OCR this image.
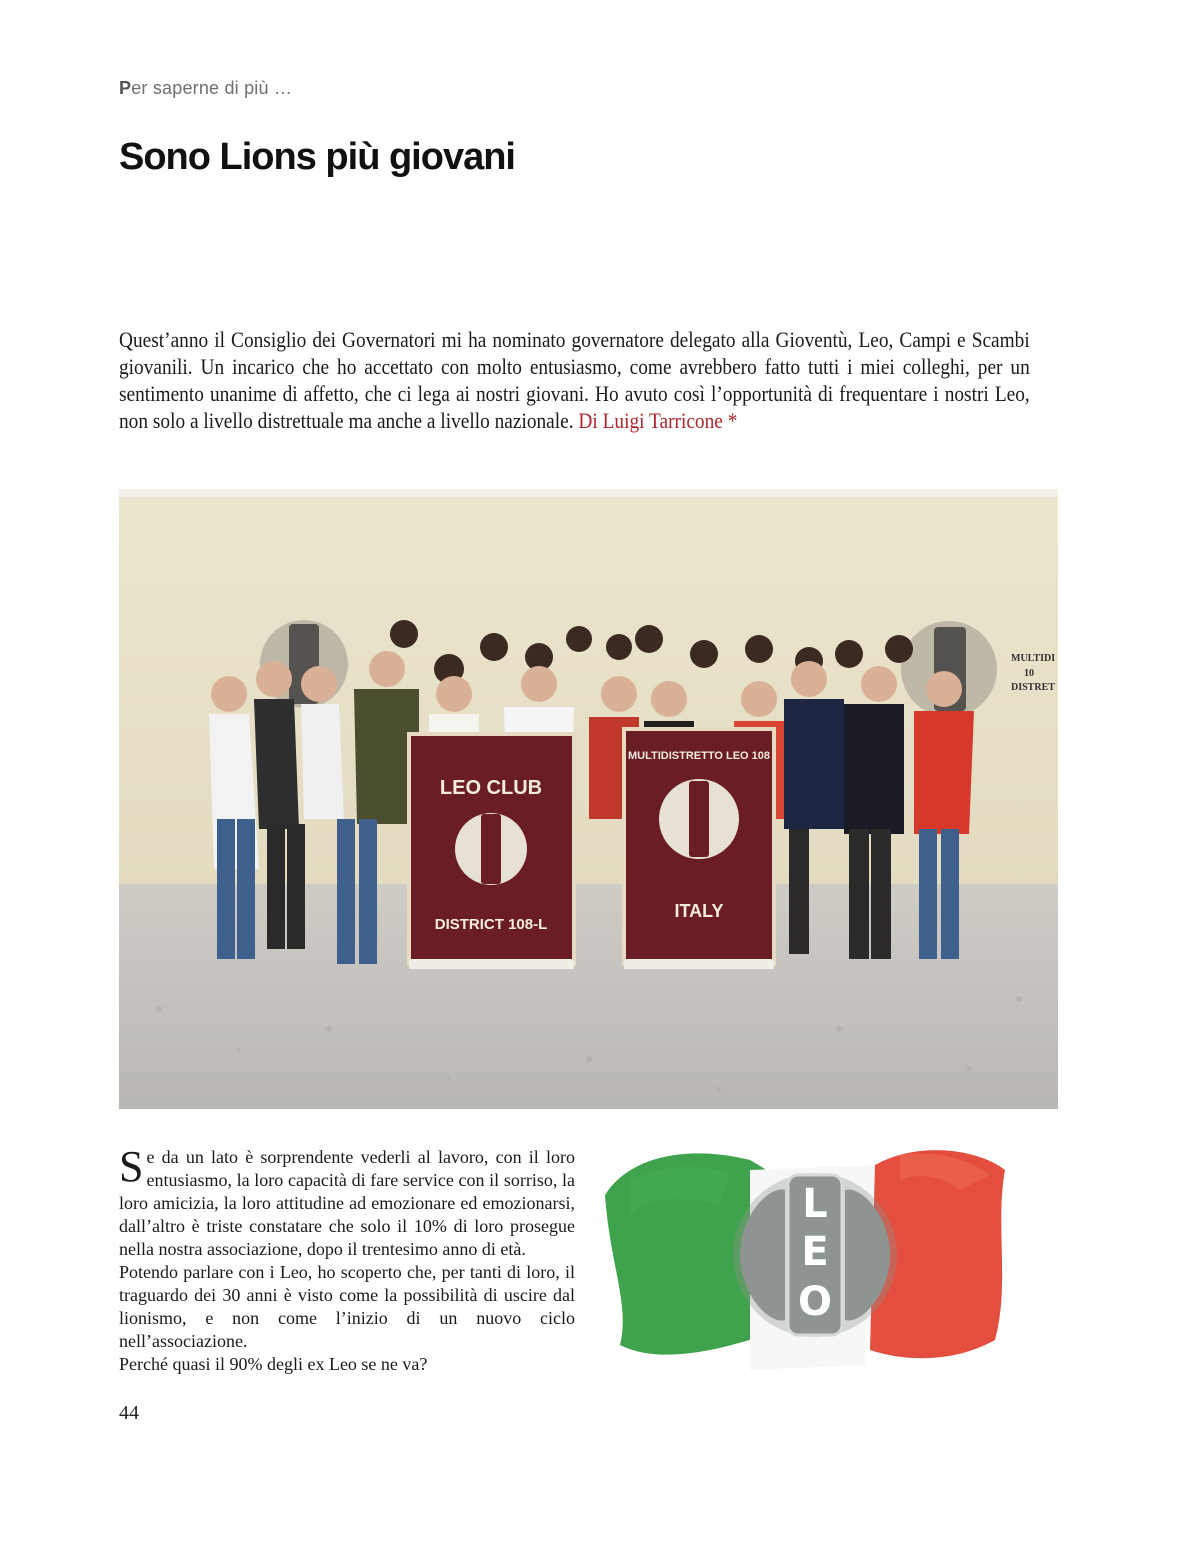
Per saperne di più …
Sono Lions più giovani

Quest’anno il Consiglio dei Governatori mi ha nominato governatore delegato alla Gioventù, Leo, Campi e Scambi giovanili. Un incarico che ho accettato con molto entusiasmo, come avrebbero fatto tutti i miei colleghi, per un sentimento unanime di affetto, che ci lega ai nostri giovani. Ho avuto così l’opportunità di frequentare i nostri Leo, non solo a livello distrettuale ma anche a livello nazionale. Di Luigi Tarricone *

MULTIDI
10
DISTRET
LEO CLUB
DISTRICT 108-L
MULTIDISTRETTO LEO 108
ITALY

Se da un lato è sorprendente vederli al lavoro, con il loro entusiasmo, la loro capacità di fare service con il sorriso, la loro amicizia, la loro attitudine ad emozionare ed emozionarsi, dall’altro è triste constatare che solo il 10% di loro prosegue nella nostra associazione, dopo il trentesimo anno di età.

Potendo parlare con i Leo, ho scoperto che, per tanti di loro, il traguardo dei 30 anni è visto come la possibilità di uscire dal lionismo, e non come l’inizio di un nuovo ciclo nell’associazione.

Perché quasi il 90% degli ex Leo se ne va?

L
E
O
44
